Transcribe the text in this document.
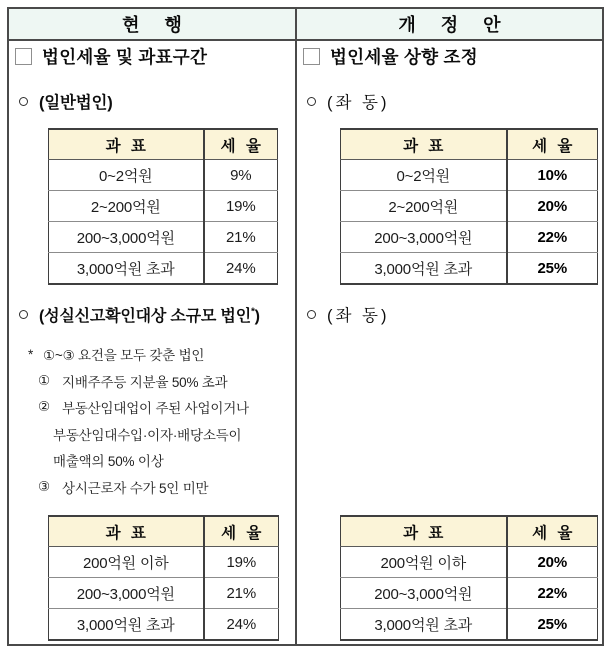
현 행	개 정 안
법인세율 및 과표구간
(일반법인)
과 표	세 율
0~2억원	9%
2~200억원	19%
200~3,000억원	21%
3,000억원 초과	24%
(성실신고확인대상 소규모 법인*)
* ①~③ 요건을 모두 갖춘 법인
① 지배주주등 지분율 50% 초과
② 부동산임대업이 주된 사업이거나
부동산임대수입·이자·배당소득이
매출액의 50% 이상
③ 상시근로자 수가 5인 미만
과 표	세 율
200억원 이하	19%
200~3,000억원	21%
3,000억원 초과	24%
법인세율 상향 조정
(좌 동)
과 표	세 율
0~2억원	10%
2~200억원	20%
200~3,000억원	22%
3,000억원 초과	25%
(좌 동)
과 표	세 율
200억원 이하	20%
200~3,000억원	22%
3,000억원 초과	25%
